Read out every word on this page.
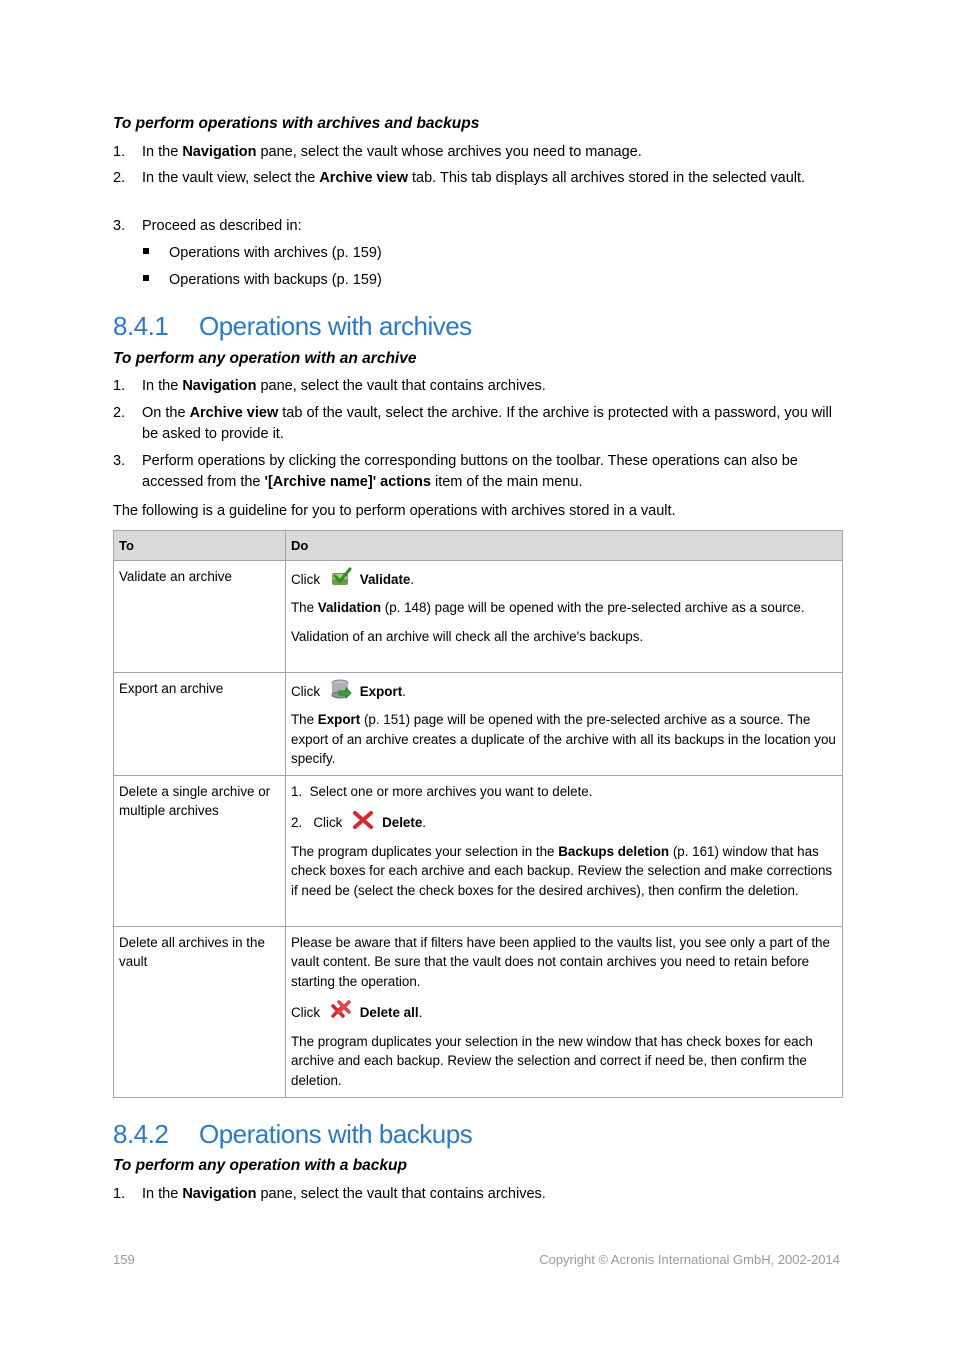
To perform operations with archives and backups
1.	In the Navigation pane, select the vault whose archives you need to manage.
2.	In the vault view, select the Archive view tab. This tab displays all archives stored in the selected vault.
3.	Proceed as described in:
Operations with archives (p. 159)
Operations with backups (p. 159)
8.4.1 Operations with archives
To perform any operation with an archive
1.	In the Navigation pane, select the vault that contains archives.
2.	On the Archive view tab of the vault, select the archive. If the archive is protected with a password, you will be asked to provide it.
3.	Perform operations by clicking the corresponding buttons on the toolbar. These operations can also be accessed from the '[Archive name]' actions item of the main menu.
The following is a guideline for you to perform operations with archives stored in a vault.
To	Do
Validate an archive	Click Validate.

The Validation (p. 148) page will be opened with the pre-selected archive as a source.

Validation of an archive will check all the archive's backups.

Export an archive	Click Export.

The Export (p. 151) page will be opened with the pre-selected archive as a source. The export of an archive creates a duplicate of the archive with all its backups in the location you specify.

Delete a single archive or multiple archives	1. Select one or more archives you want to delete.

2. Click Delete.

The program duplicates your selection in the Backups deletion (p. 161) window that has check boxes for each archive and each backup. Review the selection and make corrections if need be (select the check boxes for the desired archives), then confirm the deletion.

Delete all archives in the vault	Please be aware that if filters have been applied to the vaults list, you see only a part of the vault content. Be sure that the vault does not contain archives you need to retain before starting the operation.

Click Delete all.

The program duplicates your selection in the new window that has check boxes for each archive and each backup. Review the selection and correct if need be, then confirm the deletion.

8.4.2 Operations with backups
To perform any operation with a backup
1.	In the Navigation pane, select the vault that contains archives.
159	Copyright © Acronis International GmbH, 2002-2014
